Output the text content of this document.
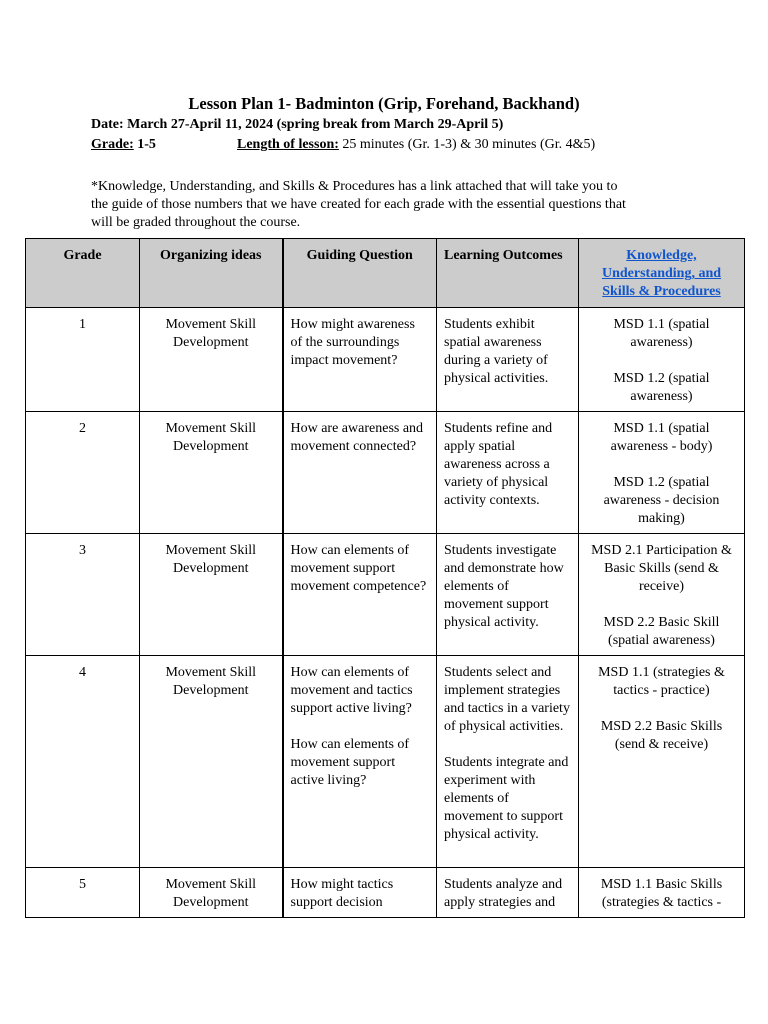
Lesson Plan 1- Badminton (Grip, Forehand, Backhand)
Date: March 27-April 11, 2024 (spring break from March 29-April 5)
Grade: 1-5	Length of lesson: 25 minutes (Gr. 1-3) & 30 minutes (Gr. 4&5)
*Knowledge, Understanding, and Skills & Procedures has a link attached that will take you to
the guide of those numbers that we have created for each grade with the essential questions that
will be graded throughout the course.
Grade	Organizing ideas	Guiding Question	Learning Outcomes	Knowledge, Understanding, and Skills & Procedures
1	Movement Skill Development	How might awareness of the surroundings impact movement?	Students exhibit spatial awareness during a variety of physical activities.	MSD 1.1 (spatial awareness)
MSD 1.2 (spatial awareness)
2	Movement Skill Development	How are awareness and movement connected?	Students refine and apply spatial awareness across a variety of physical activity contexts.	MSD 1.1 (spatial awareness - body)
MSD 1.2 (spatial awareness - decision making)
3	Movement Skill Development	How can elements of movement support movement competence?	Students investigate and demonstrate how elements of movement support physical activity.	MSD 2.1 Participation & Basic Skills (send & receive)
MSD 2.2 Basic Skill (spatial awareness)
4	Movement Skill Development	How can elements of movement and tactics support active living?
How can elements of movement support active living?	Students select and implement strategies and tactics in a variety of physical activities.
Students integrate and experiment with elements of movement to support physical activity.	MSD 1.1 (strategies & tactics - practice)
MSD 2.2 Basic Skills (send & receive)
5	Movement Skill Development	How might tactics support decision	Students analyze and apply strategies and	MSD 1.1 Basic Skills (strategies & tactics -
